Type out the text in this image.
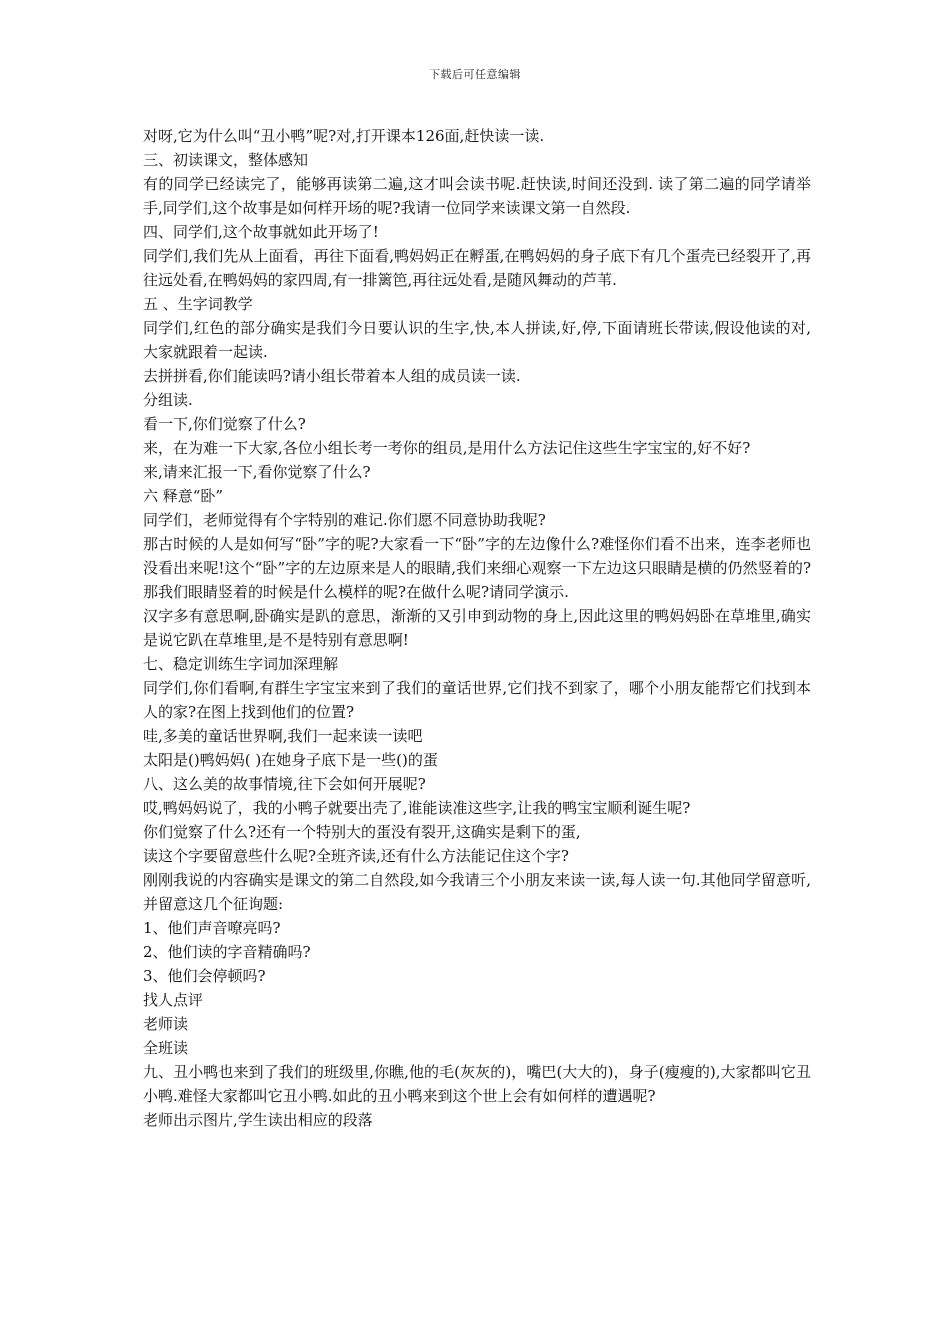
下载后可任意编辑

对呀,它为什么叫“丑小鸭”呢?对,打开课本126面,赶快读一读.

三、初读课文，整体感知

有的同学已经读完了，能够再读第二遍,这才叫会读书呢.赶快读,时间还没到. 读了第二遍的同学请举手,同学们,这个故事是如何样开场的呢?我请一位同学来读课文第一自然段.

四、同学们,这个故事就如此开场了!

同学们,我们先从上面看，再往下面看,鸭妈妈正在孵蛋,在鸭妈妈的身子底下有几个蛋壳已经裂开了,再往远处看,在鸭妈妈的家四周,有一排篱笆,再往远处看,是随风舞动的芦苇.

五 、生字词教学

同学们,红色的部分确实是我们今日要认识的生字,快,本人拼读,好,停,下面请班长带读,假设他读的对,大家就跟着一起读.

去拼拼看,你们能读吗?请小组长带着本人组的成员读一读.

分组读.

看一下,你们觉察了什么?

来，在为难一下大家,各位小组长考一考你的组员,是用什么方法记住这些生字宝宝的,好不好?

来,请来汇报一下,看你觉察了什么?

六 释意“卧”

同学们，老师觉得有个字特别的难记.你们愿不同意协助我呢?

那古时候的人是如何写“卧”字的呢?大家看一下“卧”字的左边像什么?难怪你们看不出来，连李老师也没看出来呢!这个“卧”字的左边原来是人的眼睛,我们来细心观察一下左边这只眼睛是横的仍然竖着的?那我们眼睛竖着的时候是什么模样的呢?在做什么呢?请同学演示.

汉字多有意思啊,卧确实是趴的意思，渐渐的又引申到动物的身上,因此这里的鸭妈妈卧在草堆里,确实是说它趴在草堆里,是不是特别有意思啊!

七、稳定训练生字词加深理解

同学们,你们看啊,有群生字宝宝来到了我们的童话世界,它们找不到家了，哪个小朋友能帮它们找到本人的家?在图上找到他们的位置?

哇,多美的童话世界啊,我们一起来读一读吧

太阳是()鸭妈妈( )在她身子底下是一些()的蛋

八、这么美的故事情境,往下会如何开展呢?

哎,鸭妈妈说了，我的小鸭子就要出壳了,谁能读准这些字,让我的鸭宝宝顺利诞生呢?

你们觉察了什么?还有一个特别大的蛋没有裂开,这确实是剩下的蛋,

读这个字要留意些什么呢?全班齐读,还有什么方法能记住这个字?

刚刚我说的内容确实是课文的第二自然段,如今我请三个小朋友来读一读,每人读一句.其他同学留意听,并留意这几个征询题:

1、他们声音嘹亮吗?

2、他们读的字音精确吗?

3、他们会停顿吗?

找人点评

老师读

全班读

九、丑小鸭也来到了我们的班级里,你瞧,他的毛(灰灰的)，嘴巴(大大的)，身子(瘦瘦的),大家都叫它丑小鸭.难怪大家都叫它丑小鸭.如此的丑小鸭来到这个世上会有如何样的遭遇呢?

老师出示图片,学生读出相应的段落
